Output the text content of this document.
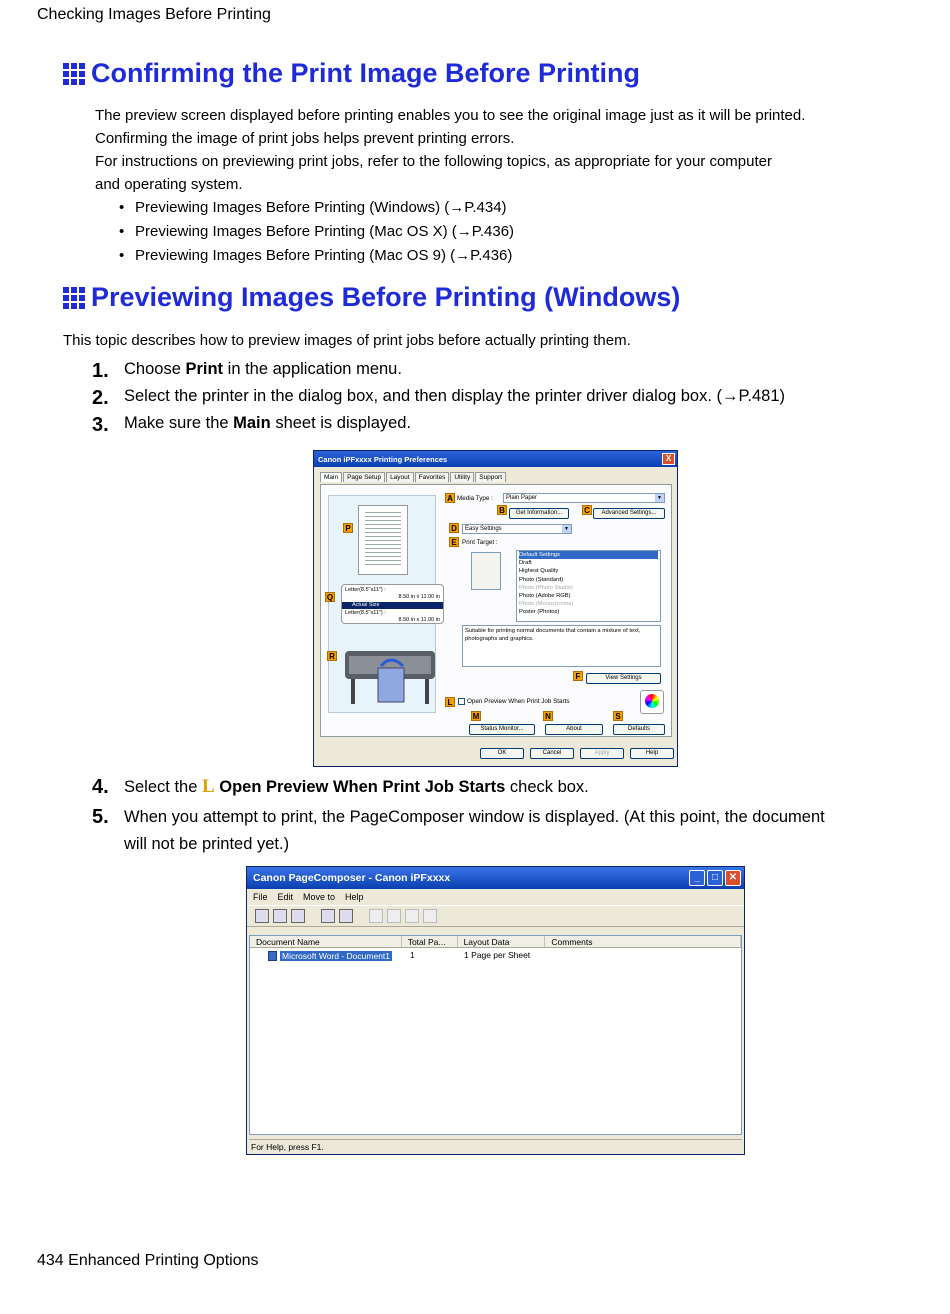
Checking Images Before Printing
Confirming the Print Image Before Printing
The preview screen displayed before printing enables you to see the original image just as it will be printed.
Confirming the image of print jobs helps prevent printing errors.
For instructions on previewing print jobs, refer to the following topics, as appropriate for your computer
and operating system.
• Previewing Images Before Printing (Windows) (→P.434)
• Previewing Images Before Printing (Mac OS X) (→P.436)
• Previewing Images Before Printing (Mac OS 9) (→P.436)
Previewing Images Before Printing (Windows)
This topic describes how to preview images of print jobs before actually printing them.
1. Choose Print in the application menu.
2. Select the printer in the dialog box, and then display the printer driver dialog box. (→P.481)
3. Make sure the Main sheet is displayed.
Canon iPFxxxx Printing Preferences	X
Main	Page Setup	Layout	Favorites	Utility	Support
Letter(8.5"x11") :
8.50 in x 11.00 in
Actual Size
Letter(8.5"x11") :
8.50 in x 11.00 in
P
Q
R
A Media Type :	Plain Paper	▼
B	Get Information...	C	Advanced Settings...
D	Easy Settings	▼
E Print Target :
Default Settings
Draft
Highest Quality
Photo (Standard)
Photo (Photo Studio)
Photo (Adobe RGB)
Photo (Monochrome)
Poster (Photos)
Suitable for printing normal documents that contain a mixture of text, photographs and graphics.
F	View Settings
L	Open Preview When Print Job Starts
M	N	S
Status Monitor...	About	Defaults
OK	Cancel	Apply	Help
4. Select the L Open Preview When Print Job Starts check box.
5. When you attempt to print, the PageComposer window is displayed. (At this point, the document
will not be printed yet.)
Canon PageComposer - Canon iPFxxxx	_	□	✕
File Edit Move to Help
Document Name	Total Pa...	Layout Data	Comments
Microsoft Word - Document1	1	1 Page per Sheet
For Help, press F1.
434 Enhanced Printing Options
